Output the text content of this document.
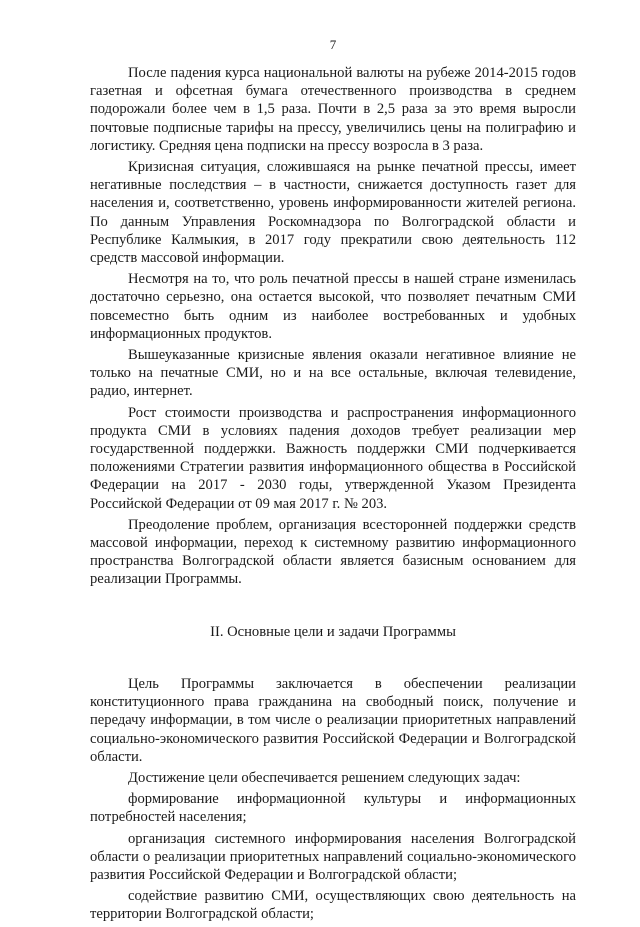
7

После падения курса национальной валюты на рубеже 2014-2015 годов газетная и офсетная бумага отечественного производства в среднем подорожали более чем в 1,5 раза. Почти в 2,5 раза за это время выросли почтовые подписные тарифы на прессу, увеличились цены на полиграфию и логистику. Средняя цена подписки на прессу возросла в 3 раза.

Кризисная ситуация, сложившаяся на рынке печатной прессы, имеет негативные последствия – в частности, снижается доступность газет для населения и, соответственно, уровень информированности жителей региона. По данным Управления Роскомнадзора по Волгоградской области и Республике Калмыкия, в 2017 году прекратили свою деятельность 112 средств массовой информации.

Несмотря на то, что роль печатной прессы в нашей стране изменилась достаточно серьезно, она остается высокой, что позволяет печатным СМИ повсеместно быть одним из наиболее востребованных и удобных информационных продуктов.

Вышеуказанные кризисные явления оказали негативное влияние не только на печатные СМИ, но и на все остальные, включая телевидение, радио, интернет.

Рост стоимости производства и распространения информационного продукта СМИ в условиях падения доходов требует реализации мер государственной поддержки. Важность поддержки СМИ подчеркивается положениями Стратегии развития информационного общества в Российской Федерации на 2017 - 2030 годы, утвержденной Указом Президента Российской Федерации от 09 мая 2017 г. № 203.

Преодоление проблем, организация всесторонней поддержки средств массовой информации, переход к системному развитию информационного пространства Волгоградской области является базисным основанием для реализации Программы.

II. Основные цели и задачи Программы

Цель Программы заключается в обеспечении реализации конституционного права гражданина на свободный поиск, получение и передачу информации, в том числе о реализации приоритетных направлений социально-экономического развития Российской Федерации и Волгоградской области.

Достижение цели обеспечивается решением следующих задач:

формирование информационной культуры и информационных потребностей населения;

организация системного информирования населения Волгоградской области о реализации приоритетных направлений социально-экономического развития Российской Федерации и Волгоградской области;

содействие развитию СМИ, осуществляющих свою деятельность на территории Волгоградской области;
